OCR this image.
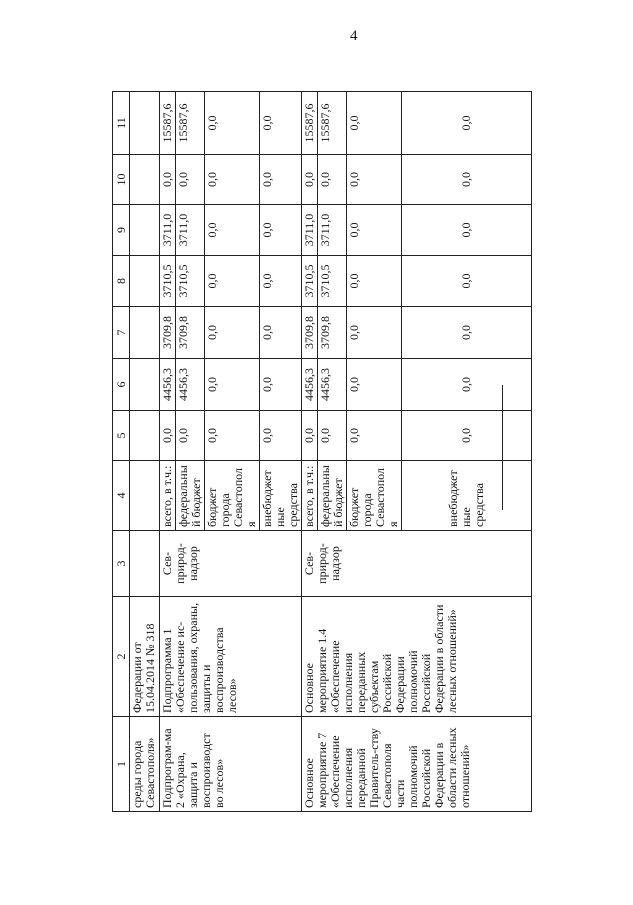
4
1	2	3	4	5	6	7	8	9	10	11
среды города Севастополя»	Федерации от 15.04.2014 № 318									
Подпрограм-ма 2 «Охрана, защита и воспроизводст во лесов»	Подпрограмма 1 «Обеспечение ис-пользования, охраны, защиты и воспроизводства лесов»	Сев-природ-надзор	всего, в т.ч.:	0,0	4456,3	3709,8	3710,5	3711,0	0,0	15587,6
			федеральный бюджет	0,0	4456,3	3709,8	3710,5	3711,0	0,0	15587,6
			бюджет города Севастополя	0,0	0,0	0,0	0,0	0,0	0,0	0,0
			внебюджетные средства	0,0	0,0	0,0	0,0	0,0	0,0	0,0
Основное мероприятие 7 «Обеспечение исполнения переданной Правитель-ству Севастополя части полномочий Российской Федерации в области лесных отношений»	Основное мероприятие 1.4 «Обеспечение исполнения переданных субъектам Российской Федерации полномочий Российской Федерации в области лесных отношений»	Сев-природ-надзор	всего, в т.ч.:	0,0	4456,3	3709,8	3710,5	3711,0	0,0	15587,6
			федеральный бюджет	0,0	4456,3	3709,8	3710,5	3711,0	0,0	15587,6
			бюджет города Севастополя	0,0	0,0	0,0	0,0	0,0	0,0	0,0
			внебюджетные средства	0,0	0,0	0,0	0,0	0,0	0,0	0,0
